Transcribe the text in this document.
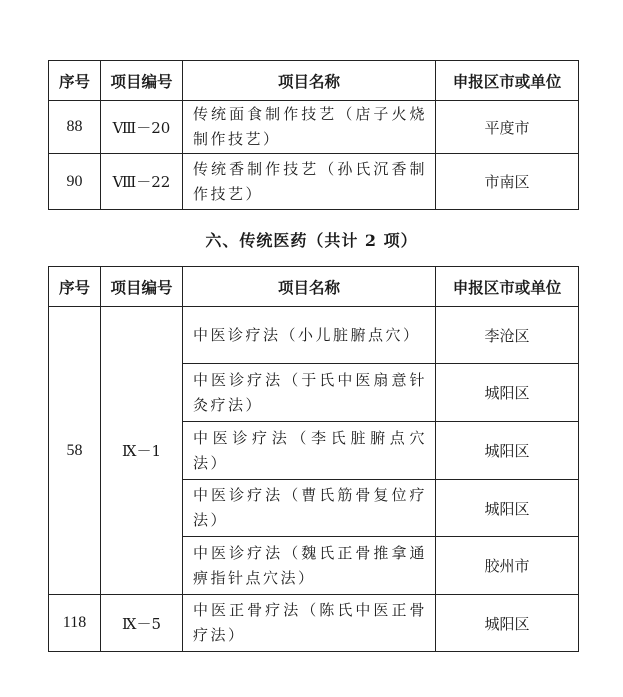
序号	项目编号	项目名称	申报区市或单位
88	Ⅷ－20	传统面食制作技艺（店子火烧制作技艺）	平度市
90	Ⅷ－22	传统香制作技艺（孙氏沉香制作技艺）	市南区
六、传统医药（共计 2 项）
序号	项目编号	项目名称	申报区市或单位
58	Ⅸ－1	中医诊疗法（小儿脏腑点穴）	李沧区
		中医诊疗法（于氏中医扇意针灸疗法）	城阳区
		中医诊疗法（李氏脏腑点穴法）	城阳区
		中医诊疗法（曹氏筋骨复位疗法）	城阳区
		中医诊疗法（魏氏正骨推拿通痹指针点穴法）	胶州市
118	Ⅸ－5	中医正骨疗法（陈氏中医正骨疗法）	城阳区
